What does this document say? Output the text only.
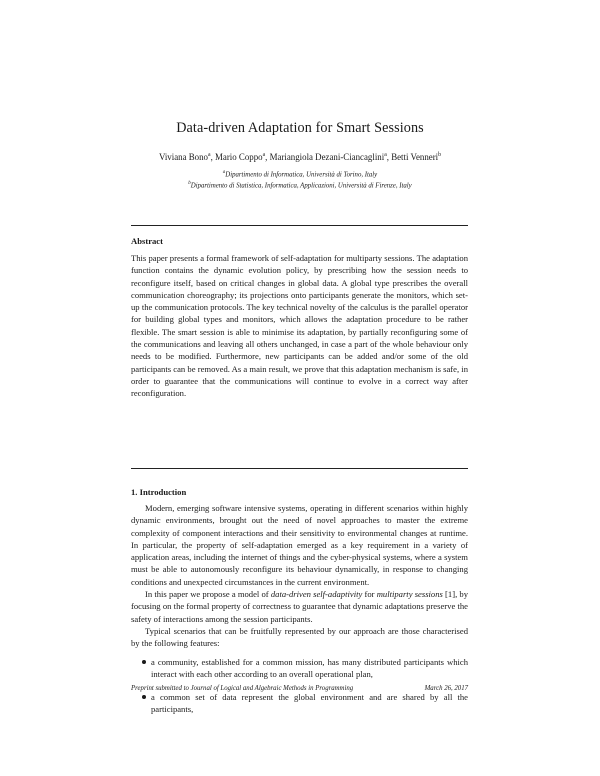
Data-driven Adaptation for Smart Sessions
Viviana Bono$^a$, Mario Coppo$^a$, Mariangiola Dezani-Ciancaglini$^a$, Betti Venneri$^b$
$^a$Dipartimento di Informatica, Università di Torino, Italy
$^b$Dipartimento di Statistica, Informatica, Applicazioni, Università di Firenze, Italy
Abstract
This paper presents a formal framework of self-adaptation for multiparty sessions. The adaptation function contains the dynamic evolution policy, by prescribing how the session needs to reconfigure itself, based on critical changes in global data. A global type prescribes the overall communication choreography; its projections onto participants generate the monitors, which set-up the communication protocols. The key technical novelty of the calculus is the parallel operator for building global types and monitors, which allows the adaptation procedure to be rather flexible. The smart session is able to minimise its adaptation, by partially reconfiguring some of the communications and leaving all others unchanged, in case a part of the whole behaviour only needs to be modified. Furthermore, new participants can be added and/or some of the old participants can be removed. As a main result, we prove that this adaptation mechanism is safe, in order to guarantee that the communications will continue to evolve in a correct way after reconfiguration.
1. Introduction

Modern, emerging software intensive systems, operating in different scenarios within highly dynamic environments, brought out the need of novel approaches to master the extreme complexity of component interactions and their sensitivity to environmental changes at runtime. In particular, the property of self-adaptation emerged as a key requirement in a variety of application areas, including the internet of things and the cyber-physical systems, where a system must be able to autonomously reconfigure its behaviour dynamically, in response to changing conditions and unexpected circumstances in the current environment.

In this paper we propose a model of data-driven self-adaptivity for multiparty sessions [1], by focusing on the formal property of correctness to guarantee that dynamic adaptations preserve the safety of interactions among the session participants.

Typical scenarios that can be fruitfully represented by our approach are those characterised by the following features:

a community, established for a common mission, has many distributed participants which interact with each other according to an overall operational plan,
a common set of data represent the global environment and are shared by all the participants,
Preprint submitted to Journal of Logical and Algebraic Methods in Programming	March 26, 2017
